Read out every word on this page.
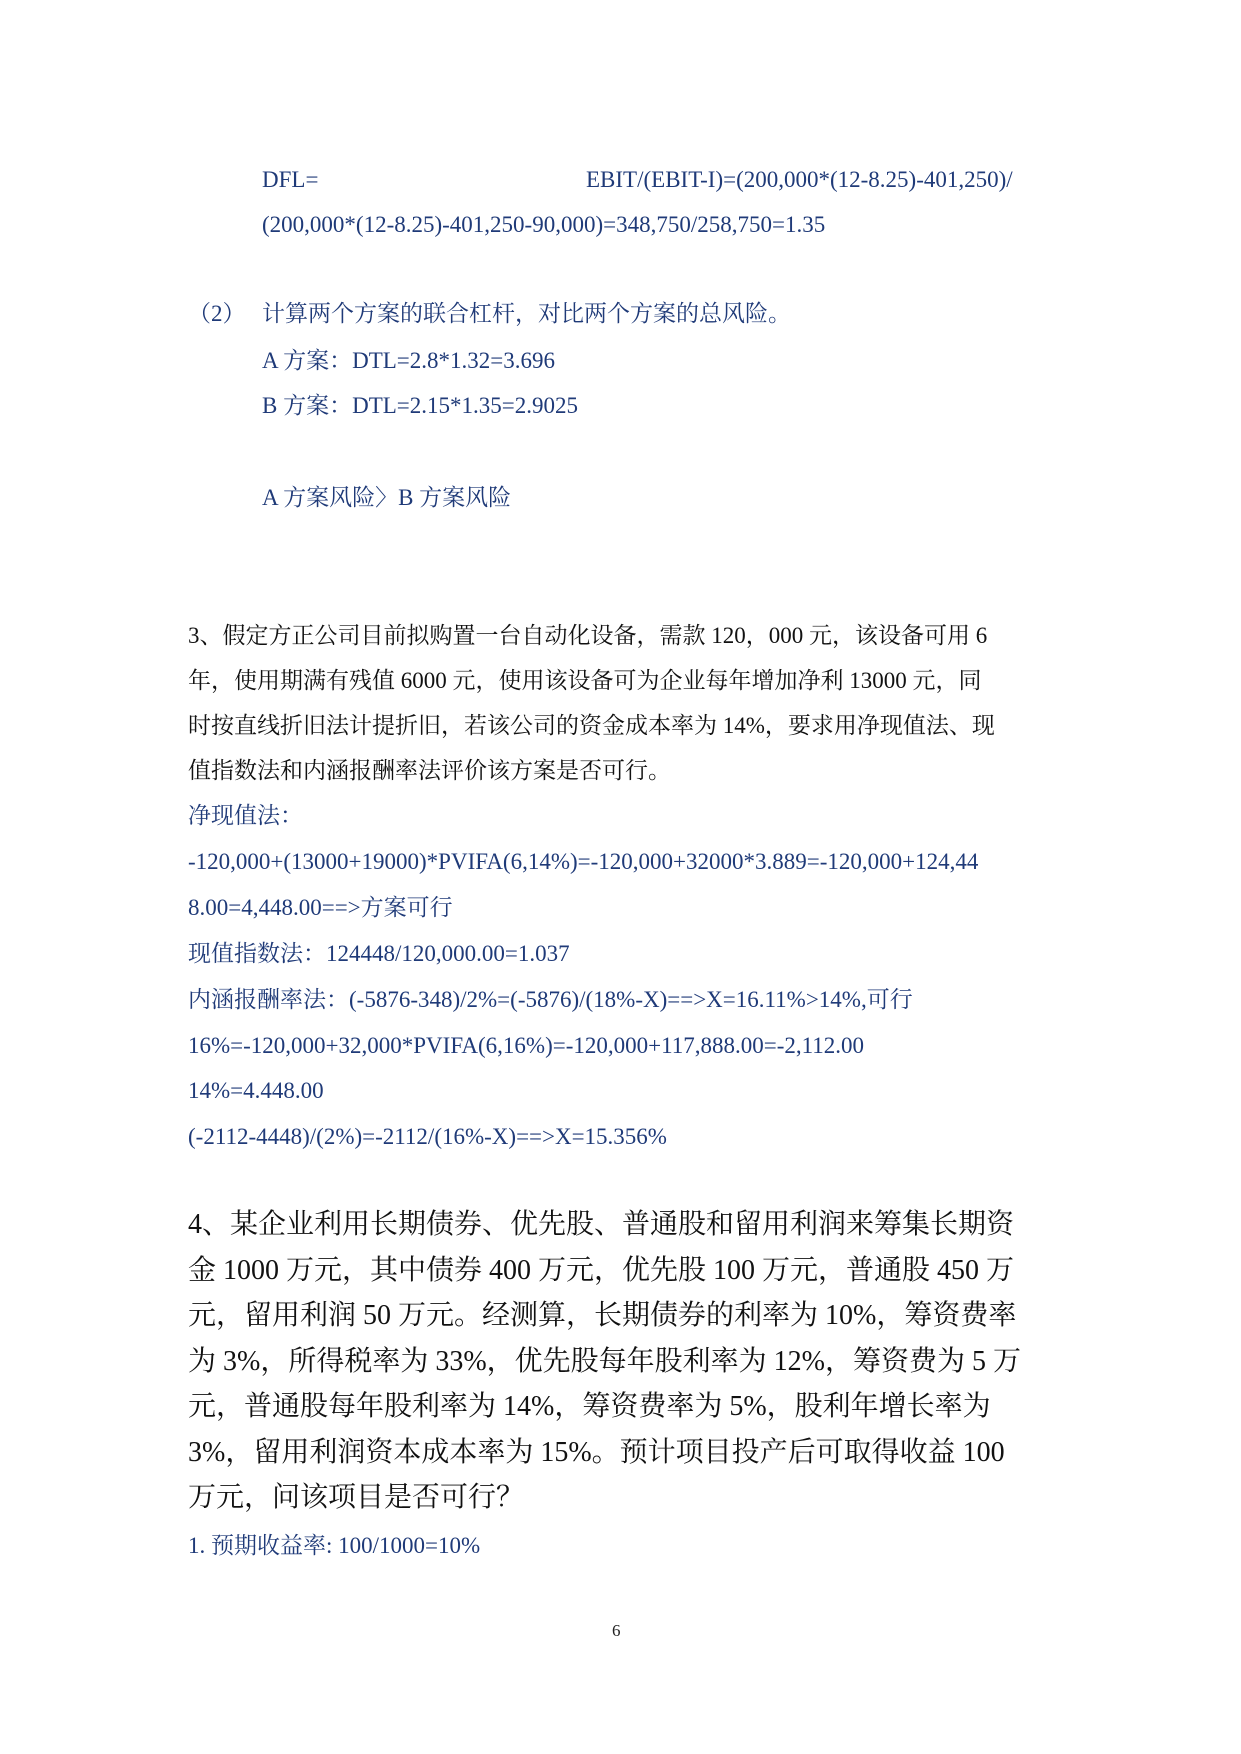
DFL=	EBIT/(EBIT-I)=(200,000*(12-8.25)-401,250)/
(200,000*(12-8.25)-401,250-90,000)=348,750/258,750=1.35
（2） 计算两个方案的联合杠杆，对比两个方案的总风险。
A 方案：DTL=2.8*1.32=3.696
B 方案：DTL=2.15*1.35=2.9025
A 方案风险〉B 方案风险
3、假定方正公司目前拟购置一台自动化设备，需款 120，000 元，该设备可用 6
年，使用期满有残值 6000 元，使用该设备可为企业每年增加净利 13000 元，同
时按直线折旧法计提折旧，若该公司的资金成本率为 14%，要求用净现值法、现
值指数法和内涵报酬率法评价该方案是否可行。
净现值法：
-120,000+(13000+19000)*PVIFA(6,14%)=-120,000+32000*3.889=-120,000+124,44
8.00=4,448.00==>方案可行
现值指数法：124448/120,000.00=1.037
内涵报酬率法：(-5876-348)/2%=(-5876)/(18%-X)==>X=16.11%>14%,可行
16%=-120,000+32,000*PVIFA(6,16%)=-120,000+117,888.00=-2,112.00
14%=4.448.00
(-2112-4448)/(2%)=-2112/(16%-X)==>X=15.356%
4、某企业利用长期债券、优先股、普通股和留用利润来筹集长期资
金 1000 万元，其中债券 400 万元，优先股 100 万元，普通股 450 万
元，留用利润 50 万元。经测算，长期债券的利率为 10%，筹资费率
为 3%，所得税率为 33%，优先股每年股利率为 12%，筹资费为 5 万
元，普通股每年股利率为 14%，筹资费率为 5%，股利年增长率为
3%，留用利润资本成本率为 15%。预计项目投产后可取得收益 100
万元，问该项目是否可行？
1. 预期收益率: 100/1000=10%
6
